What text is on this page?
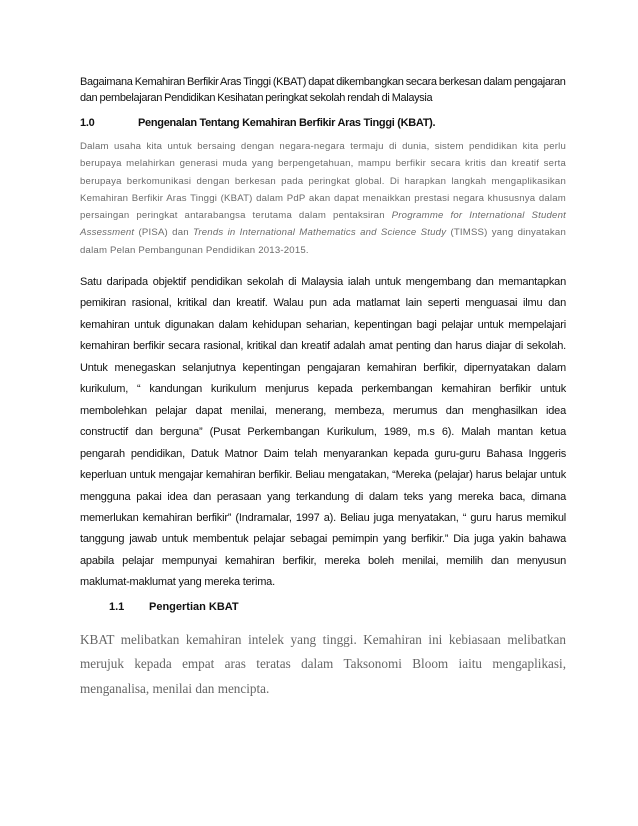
Bagaimana Kemahiran Berfikir Aras Tinggi (KBAT) dapat dikembangkan secara berkesan dalam pengajaran dan pembelajaran Pendidikan Kesihatan peringkat sekolah rendah di Malaysia

1.0	Pengenalan Tentang Kemahiran Berfikir Aras Tinggi (KBAT).

Dalam usaha kita untuk bersaing dengan negara-negara termaju di dunia, sistem pendidikan kita perlu berupaya melahirkan generasi muda yang berpengetahuan, mampu berfikir secara kritis dan kreatif serta berupaya berkomunikasi dengan berkesan pada peringkat global. Di harapkan langkah mengaplikasikan Kemahiran Berfikir Aras Tinggi (KBAT) dalam PdP akan dapat menaikkan prestasi negara khususnya dalam persaingan peringkat antarabangsa terutama dalam pentaksiran Programme for International Student Assessment (PISA) dan Trends in International Mathematics and Science Study (TIMSS) yang dinyatakan dalam Pelan Pembangunan Pendidikan 2013-2015.

Satu daripada objektif pendidikan sekolah di Malaysia ialah untuk mengembang dan memantapkan pemikiran rasional, kritikal dan kreatif. Walau pun ada matlamat lain seperti menguasai ilmu dan kemahiran untuk digunakan dalam kehidupan seharian, kepentingan bagi pelajar untuk mempelajari kemahiran berfikir secara rasional, kritikal dan kreatif adalah amat penting dan harus diajar di sekolah. Untuk menegaskan selanjutnya kepentingan pengajaran kemahiran berfikir, dipernyatakan dalam kurikulum, “ kandungan kurikulum menjurus kepada perkembangan kemahiran berfikir untuk membolehkan pelajar dapat menilai, menerang, membeza, merumus dan menghasilkan idea constructif dan berguna” (Pusat Perkembangan Kurikulum, 1989, m.s 6). Malah mantan ketua pengarah pendidikan, Datuk Matnor Daim telah menyarankan kepada guru-guru Bahasa Inggeris keperluan untuk mengajar kemahiran berfikir. Beliau mengatakan, “Mereka (pelajar) harus belajar untuk mengguna pakai idea dan perasaan yang terkandung di dalam teks yang mereka baca, dimana memerlukan kemahiran berfikir” (Indramalar, 1997 a). Beliau juga menyatakan, “ guru harus memikul tanggung jawab untuk membentuk pelajar sebagai pemimpin yang berfikir.” Dia juga yakin bahawa apabila pelajar mempunyai kemahiran berfikir, mereka boleh menilai, memilih dan menyusun maklumat-maklumat yang mereka terima.

1.1 Pengertian KBAT

KBAT melibatkan kemahiran intelek yang tinggi. Kemahiran ini kebiasaan melibatkan merujuk kepada empat aras teratas dalam Taksonomi Bloom iaitu mengaplikasi, menganalisa, menilai dan mencipta.
